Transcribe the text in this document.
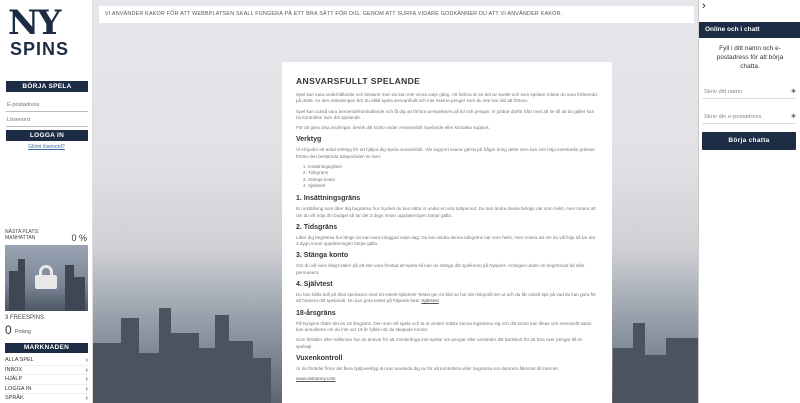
NY
SPINS
BÖRJA SPELA
E-postadress
LOGGA IN
Glömt lösenord?
NÄSTA PLATS: MANHATTAN	0 %
3 FREESPINS
0 Poäng
MARKNADEN
ALLA SPEL	›
INBOX	›
HJÄLP	›
LOGGA IN	›
SPRÅK	›
VI ANVÄNDER KAKOR FÖR ATT WEBBPLATSEN SKALL FUNGERA PÅ ETT BRA SÄTT FÖR DIG. GENOM ATT SURFA VIDARE GODKÄNNER DU ATT VI ANVÄNDER KAKOR.
ANSVARSFULLT SPELANDE

Spel kan vara underhållande och lönsamt men du kan inte vinna varje gång. Att förlora är en del av spelet och som spelare måste du vara förberedd på detta. Av den anledningen bör du alltid spela ansvarsfullt och inte riskera pengar som du inte har råd att förlora.

Spel kan också vara beroendeframkallande och få dig att förlora perspektivet på tid och pengar. Vi jobbar därför hårt med att se till att du gäller kan ha kontrollen över ditt spelande.

För att göra dina ändringar, besök ditt konto under Ansvarsfullt Spelande eller kontakta support.

Verktyg

Vi erbjuder ett antal verktyg för att hjälpa dig spela ansvarsfullt. Vår support svarar gärna på frågor kring dette men kan inte höja eventuella gränser förrän den bestämda tidsperioden är över.

1. Insättningsgräns
2. Tidsgräns
3. Stänga konto
4. Självtest
1. Insättningsgräns

En inställning som låter dig begränsa hur mycket du kan sätta in under en viss tidsperiod. Du kan ändra dessa belopp när som helst, men notera att om du vill höja din budget så tar det 3 dygn innan uppdateringen börjar gälla.

2. Tidsgräns

Låter dig begränsa hur länge du kan vara inloggad varje dag. Du kan ändra denna tidsgräns när som helst, men notera att om du vill höja så tar det 3 dygn innan uppdateringen börjar gälla.

3. Stänga konto

Om du vill vara riktigt säker på att inte vara frestad att spela så kan du stänga ditt spelkonto på Nyspins. Antingen under en begränsad tid eller permanent.

4. Självtest

Du kan hålla koll på dina spelvanor med ett enkelt självtest! Testet ger en bild av hur din riskprofil ser ut och du får också tips på vad du kan göra för att hantera ditt spelande. Du kan göra testet på följande länk: Självtest

18-årsgräns

På Nyspins råder det en 18 årsgräns. Den som vill spela och ta ut vinster måste kunna legitimera sig och ditt konto kan låsas och eventuellt saldo kan annulleras om du inte var 18 år fyllda när du skapade kontot.

Som förälder eller målsman har du ansvar för att minderåriga inte spelar om pengar eller använder ditt bankkort för att föra över pengar till en spelsajt.

Vuxenkontroll

Är du förälder finns det flera hjälpverktyg du kan använda dig av för att kontrollera eller begränsa era datorers åtkomst till internet

www.netnanny.com

›
Online och i chatt
Fyll i ditt namn och e-postadress för att börja chatta.
Skriv ditt namn	✱
Skriv din e-postadress	✱
Börja chatta
